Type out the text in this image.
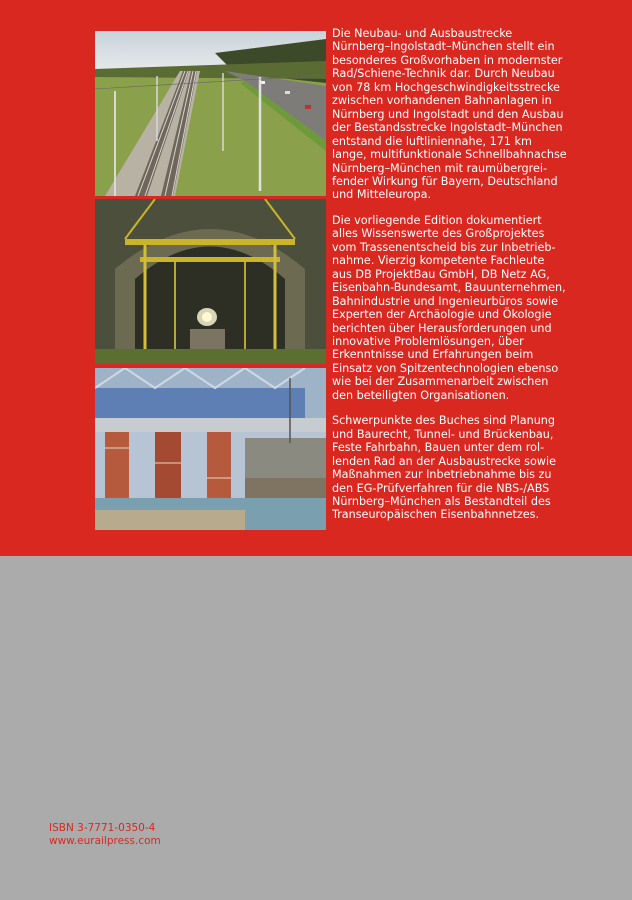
Die Neubau- und Ausbaustrecke
Nürnberg–Ingolstadt–München stellt ein
besonderes Großvorhaben in modernster
Rad/Schiene-Technik dar. Durch Neubau
von 78 km Hochgeschwindigkeitsstrecke
zwischen vorhandenen Bahnanlagen in
Nürnberg und Ingolstadt und den Ausbau
der Bestandsstrecke Ingolstadt–München
entstand die luftliniennahe, 171 km
lange, multifunktionale Schnellbahnachse
Nürnberg–München mit raumübergrei-
fender Wirkung für Bayern, Deutschland
und Mitteleuropa.

Die vorliegende Edition dokumentiert
alles Wissenswerte des Großprojektes
vom Trassenentscheid bis zur Inbetrieb-
nahme. Vierzig kompetente Fachleute
aus DB ProjektBau GmbH, DB Netz AG,
Eisenbahn-Bundesamt, Bauunternehmen,
Bahnindustrie und Ingenieurbüros sowie
Experten der Archäologie und Ökologie
berichten über Herausforderungen und
innovative Problemlösungen, über
Erkenntnisse und Erfahrungen beim
Einsatz von Spitzentechnologien ebenso
wie bei der Zusammenarbeit zwischen
den beteiligten Organisationen.

Schwerpunkte des Buches sind Planung
und Baurecht, Tunnel- und Brückenbau,
Feste Fahrbahn, Bauen unter dem rol-
lenden Rad an der Ausbaustrecke sowie
Maßnahmen zur Inbetriebnahme bis zu
den EG-Prüfverfahren für die NBS-/ABS
Nürnberg–München als Bestandteil des
Transeuropäischen Eisenbahnnetzes.

ISBN 3-7771-0350-4
www.eurailpress.com
